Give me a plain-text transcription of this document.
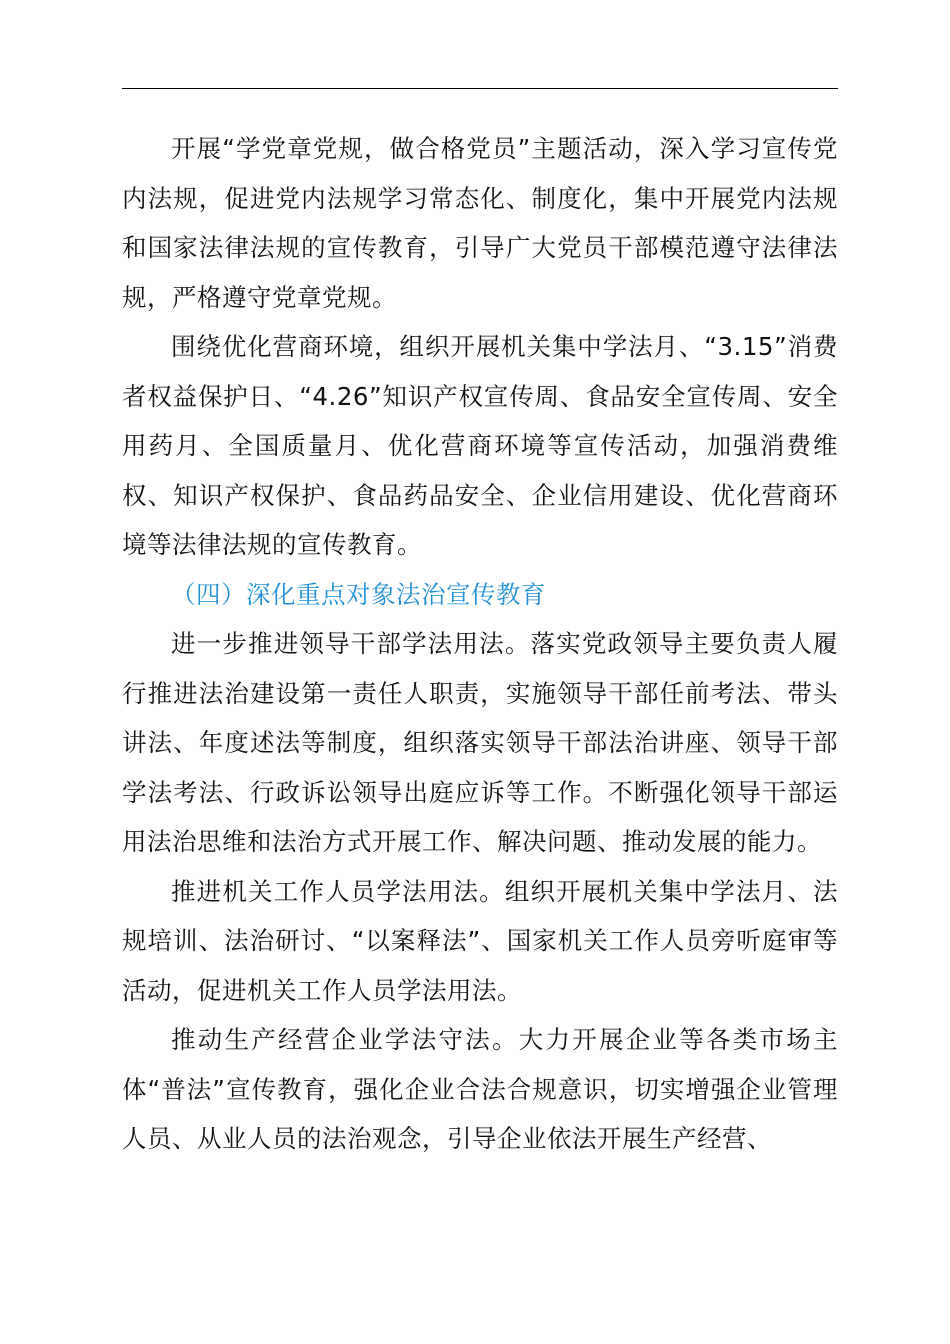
开展“学党章党规，做合格党员”主题活动，深入学习宣传党内法规，促进党内法规学习常态化、制度化，集中开展党内法规和国家法律法规的宣传教育，引导广大党员干部模范遵守法律法规，严格遵守党章党规。

围绕优化营商环境，组织开展机关集中学法月、“3.15”消费者权益保护日、“4.26”知识产权宣传周、食品安全宣传周、安全用药月、全国质量月、优化营商环境等宣传活动，加强消费维权、知识产权保护、食品药品安全、企业信用建设、优化营商环境等法律法规的宣传教育。

（四）深化重点对象法治宣传教育

进一步推进领导干部学法用法。落实党政领导主要负责人履行推进法治建设第一责任人职责，实施领导干部任前考法、带头讲法、年度述法等制度，组织落实领导干部法治讲座、领导干部学法考法、行政诉讼领导出庭应诉等工作。不断强化领导干部运用法治思维和法治方式开展工作、解决问题、推动发展的能力。

推进机关工作人员学法用法。组织开展机关集中学法月、法规培训、法治研讨、“以案释法”、国家机关工作人员旁听庭审等活动，促进机关工作人员学法用法。

推动生产经营企业学法守法。大力开展企业等各类市场主体“普法”宣传教育，强化企业合法合规意识，切实增强企业管理人员、从业人员的法治观念，引导企业依法开展生产经营、
